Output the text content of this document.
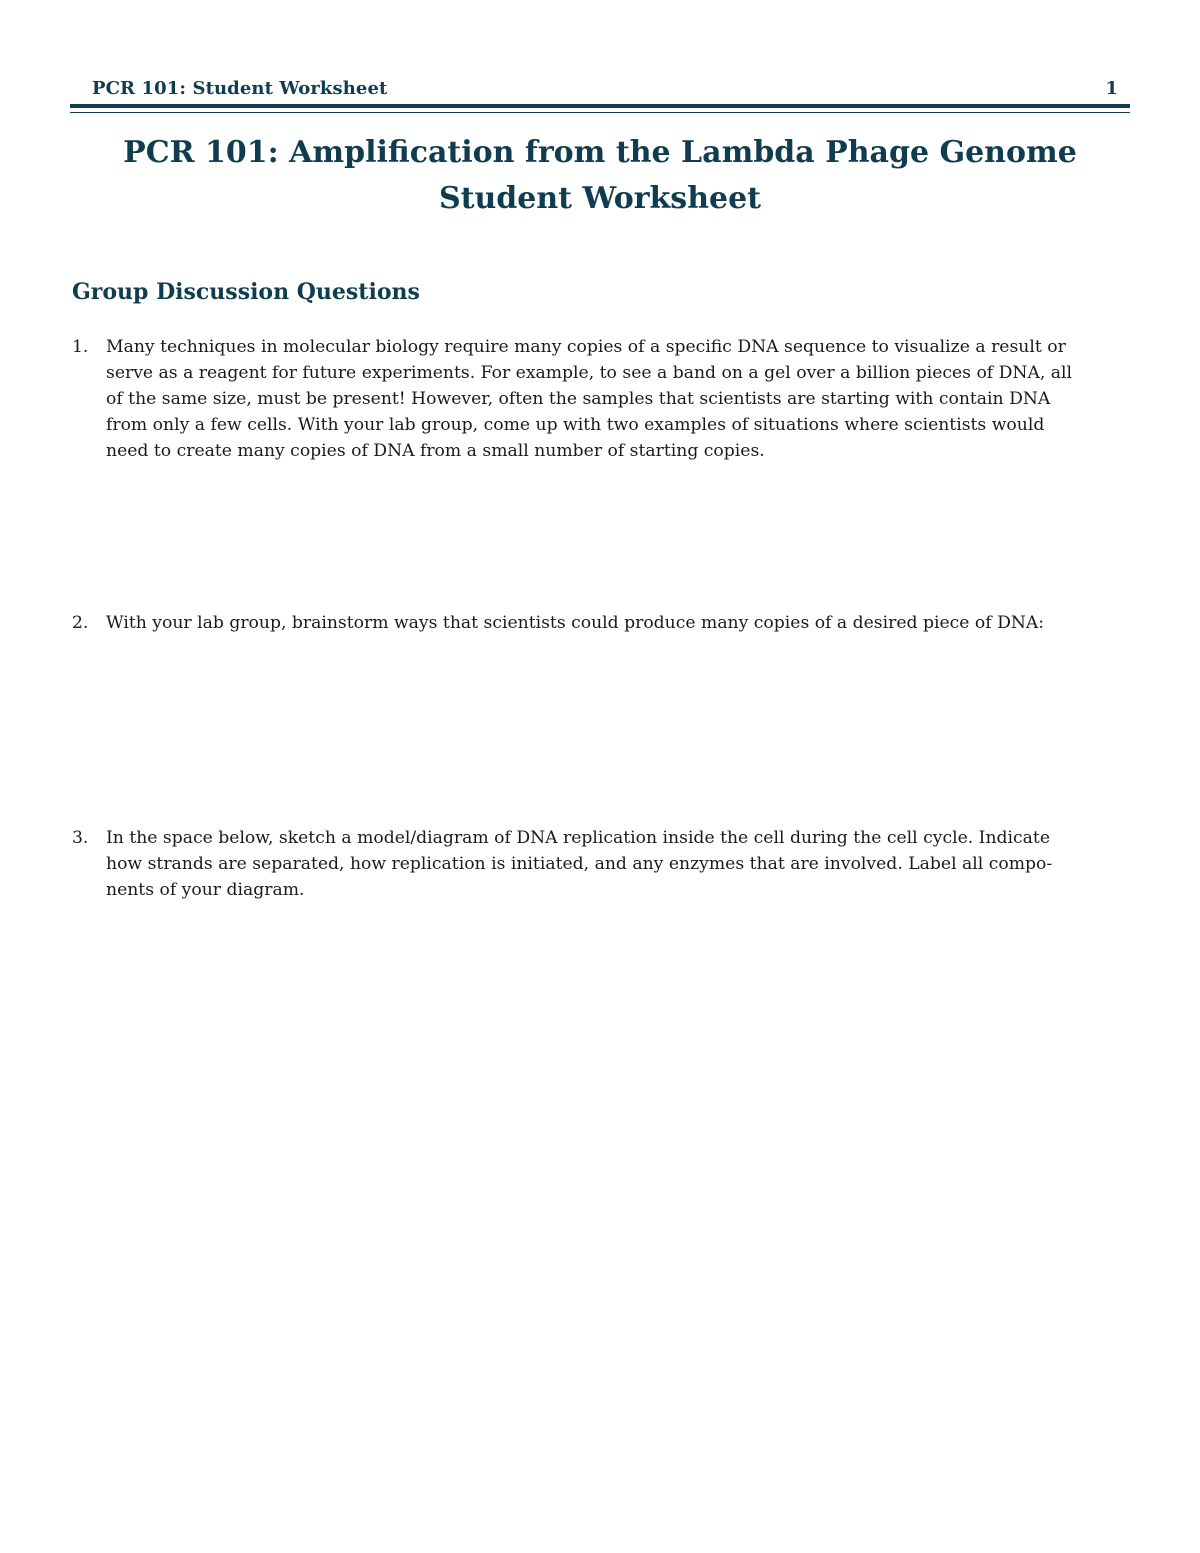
PCR 101: Student Worksheet	1
PCR 101: Amplification from the Lambda Phage Genome
Student Worksheet
Group Discussion Questions
1. Many techniques in molecular biology require many copies of a specific DNA sequence to visualize a result or
serve as a reagent for future experiments. For example, to see a band on a gel over a billion pieces of DNA, all
of the same size, must be present! However, often the samples that scientists are starting with contain DNA
from only a few cells. With your lab group, come up with two examples of situations where scientists would
need to create many copies of DNA from a small number of starting copies.
2. With your lab group, brainstorm ways that scientists could produce many copies of a desired piece of DNA:
3. In the space below, sketch a model/diagram of DNA replication inside the cell during the cell cycle. Indicate
how strands are separated, how replication is initiated, and any enzymes that are involved. Label all compo-
nents of your diagram.
